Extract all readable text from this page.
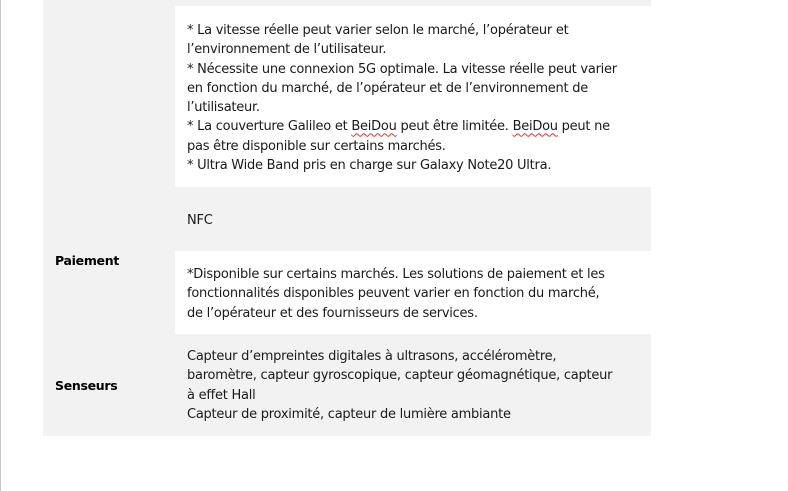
* La vitesse réelle peut varier selon le marché, l’opérateur et
l’environnement de l’utilisateur.

* Nécessite une connexion 5G optimale. La vitesse réelle peut varier
en fonction du marché, de l’opérateur et de l’environnement de
l’utilisateur.

* La couverture Galileo et BeiDou peut être limitée. BeiDou peut ne
pas être disponible sur certains marchés.

* Ultra Wide Band pris en charge sur Galaxy Note20 Ultra.

Paiement

NFC

*Disponible sur certains marchés. Les solutions de paiement et les
fonctionnalités disponibles peuvent varier en fonction du marché,
de l’opérateur et des fournisseurs de services.

Senseurs

Capteur d’empreintes digitales à ultrasons, accéléromètre,
baromètre, capteur gyroscopique, capteur géomagnétique, capteur
à effet Hall
Capteur de proximité, capteur de lumière ambiante
